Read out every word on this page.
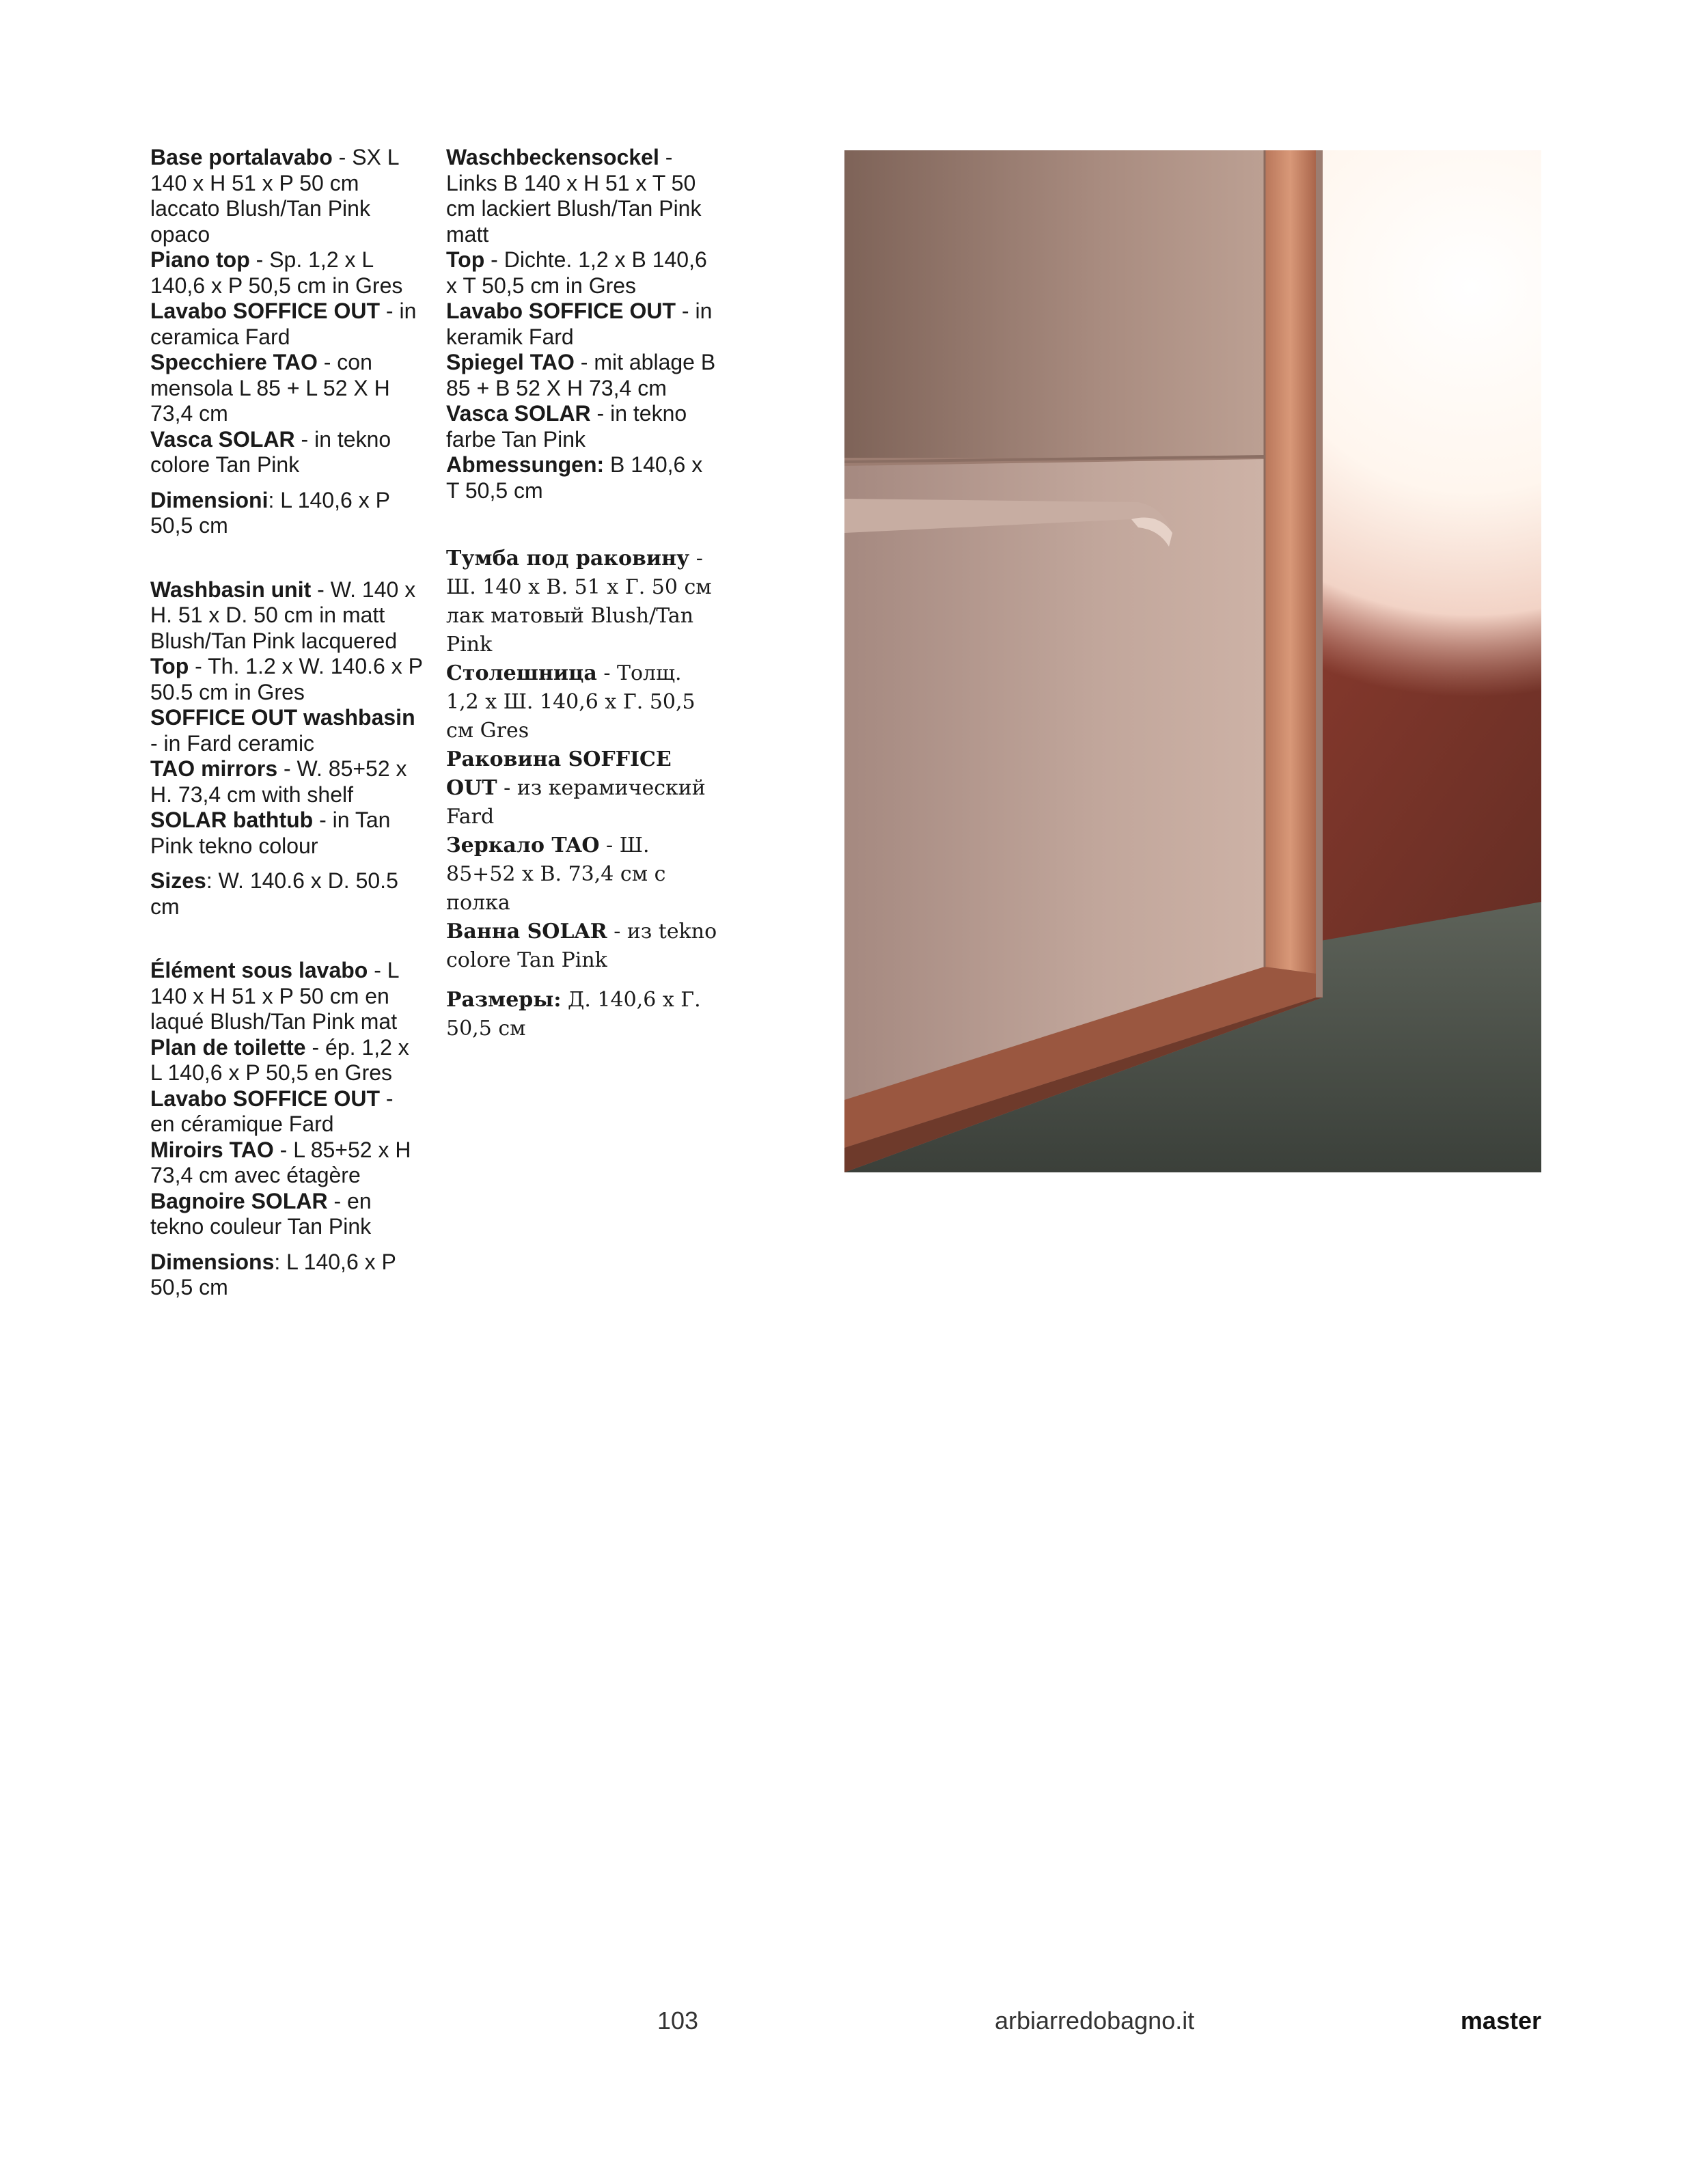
Base portalavabo - SX L 140 x H 51 x P 50 cm laccato Blush/Tan Pink opaco

Piano top - Sp. 1,2 x L 140,6 x P 50,5 cm in Gres

Lavabo SOFFICE OUT - in ceramica Fard

Specchiere TAO - con mensola L 85 + L 52 X H 73,4 cm

Vasca SOLAR - in tekno colore Tan Pink

Dimensioni: L 140,6 x P 50,5 cm

Washbasin unit - W. 140 x H. 51 x D. 50 cm in matt Blush/Tan Pink lacquered

Top - Th. 1.2 x W. 140.6 x P 50.5 cm in Gres

SOFFICE OUT washbasin - in Fard ceramic

TAO mirrors - W. 85+52 x H. 73,4 cm with shelf

SOLAR bathtub - in Tan Pink tekno colour

Sizes: W. 140.6 x D. 50.5 cm

Élément sous lavabo - L 140 x H 51 x P 50 cm en laqué Blush/Tan Pink mat

Plan de toilette - ép. 1,2 x L 140,6 x P 50,5 en Gres

Lavabo SOFFICE OUT - en céramique Fard

Miroirs TAO - L 85+52 x H 73,4 cm avec étagère

Bagnoire SOLAR - en tekno couleur Tan Pink

Dimensions: L 140,6 x P 50,5 cm

Waschbeckensockel - Links B 140 x H 51 x T 50 cm lackiert Blush/Tan Pink matt

Top - Dichte. 1,2 x B 140,6 x T 50,5 cm in Gres

Lavabo SOFFICE OUT - in keramik Fard

Spiegel TAO - mit ablage B 85 + B 52 X H 73,4 cm

Vasca SOLAR - in tekno farbe Tan Pink

Abmessungen: B 140,6 x T 50,5 cm

Тумба под раковину - Ш. 140 х В. 51 х Г. 50 см лак матовый Blush/Tan Pink

Столешница - Толщ. 1,2 х Ш. 140,6 х Г. 50,5 см Gres

Раковина SOFFICE OUT - из керамический Fard

Зеркало TAO - Ш. 85+52 х В. 73,4 см с полка

Ванна SOLAR - из tekno colore Tan Pink

Размеры: Д. 140,6 х Г. 50,5 см

103	arbiarredobagno.it	master
